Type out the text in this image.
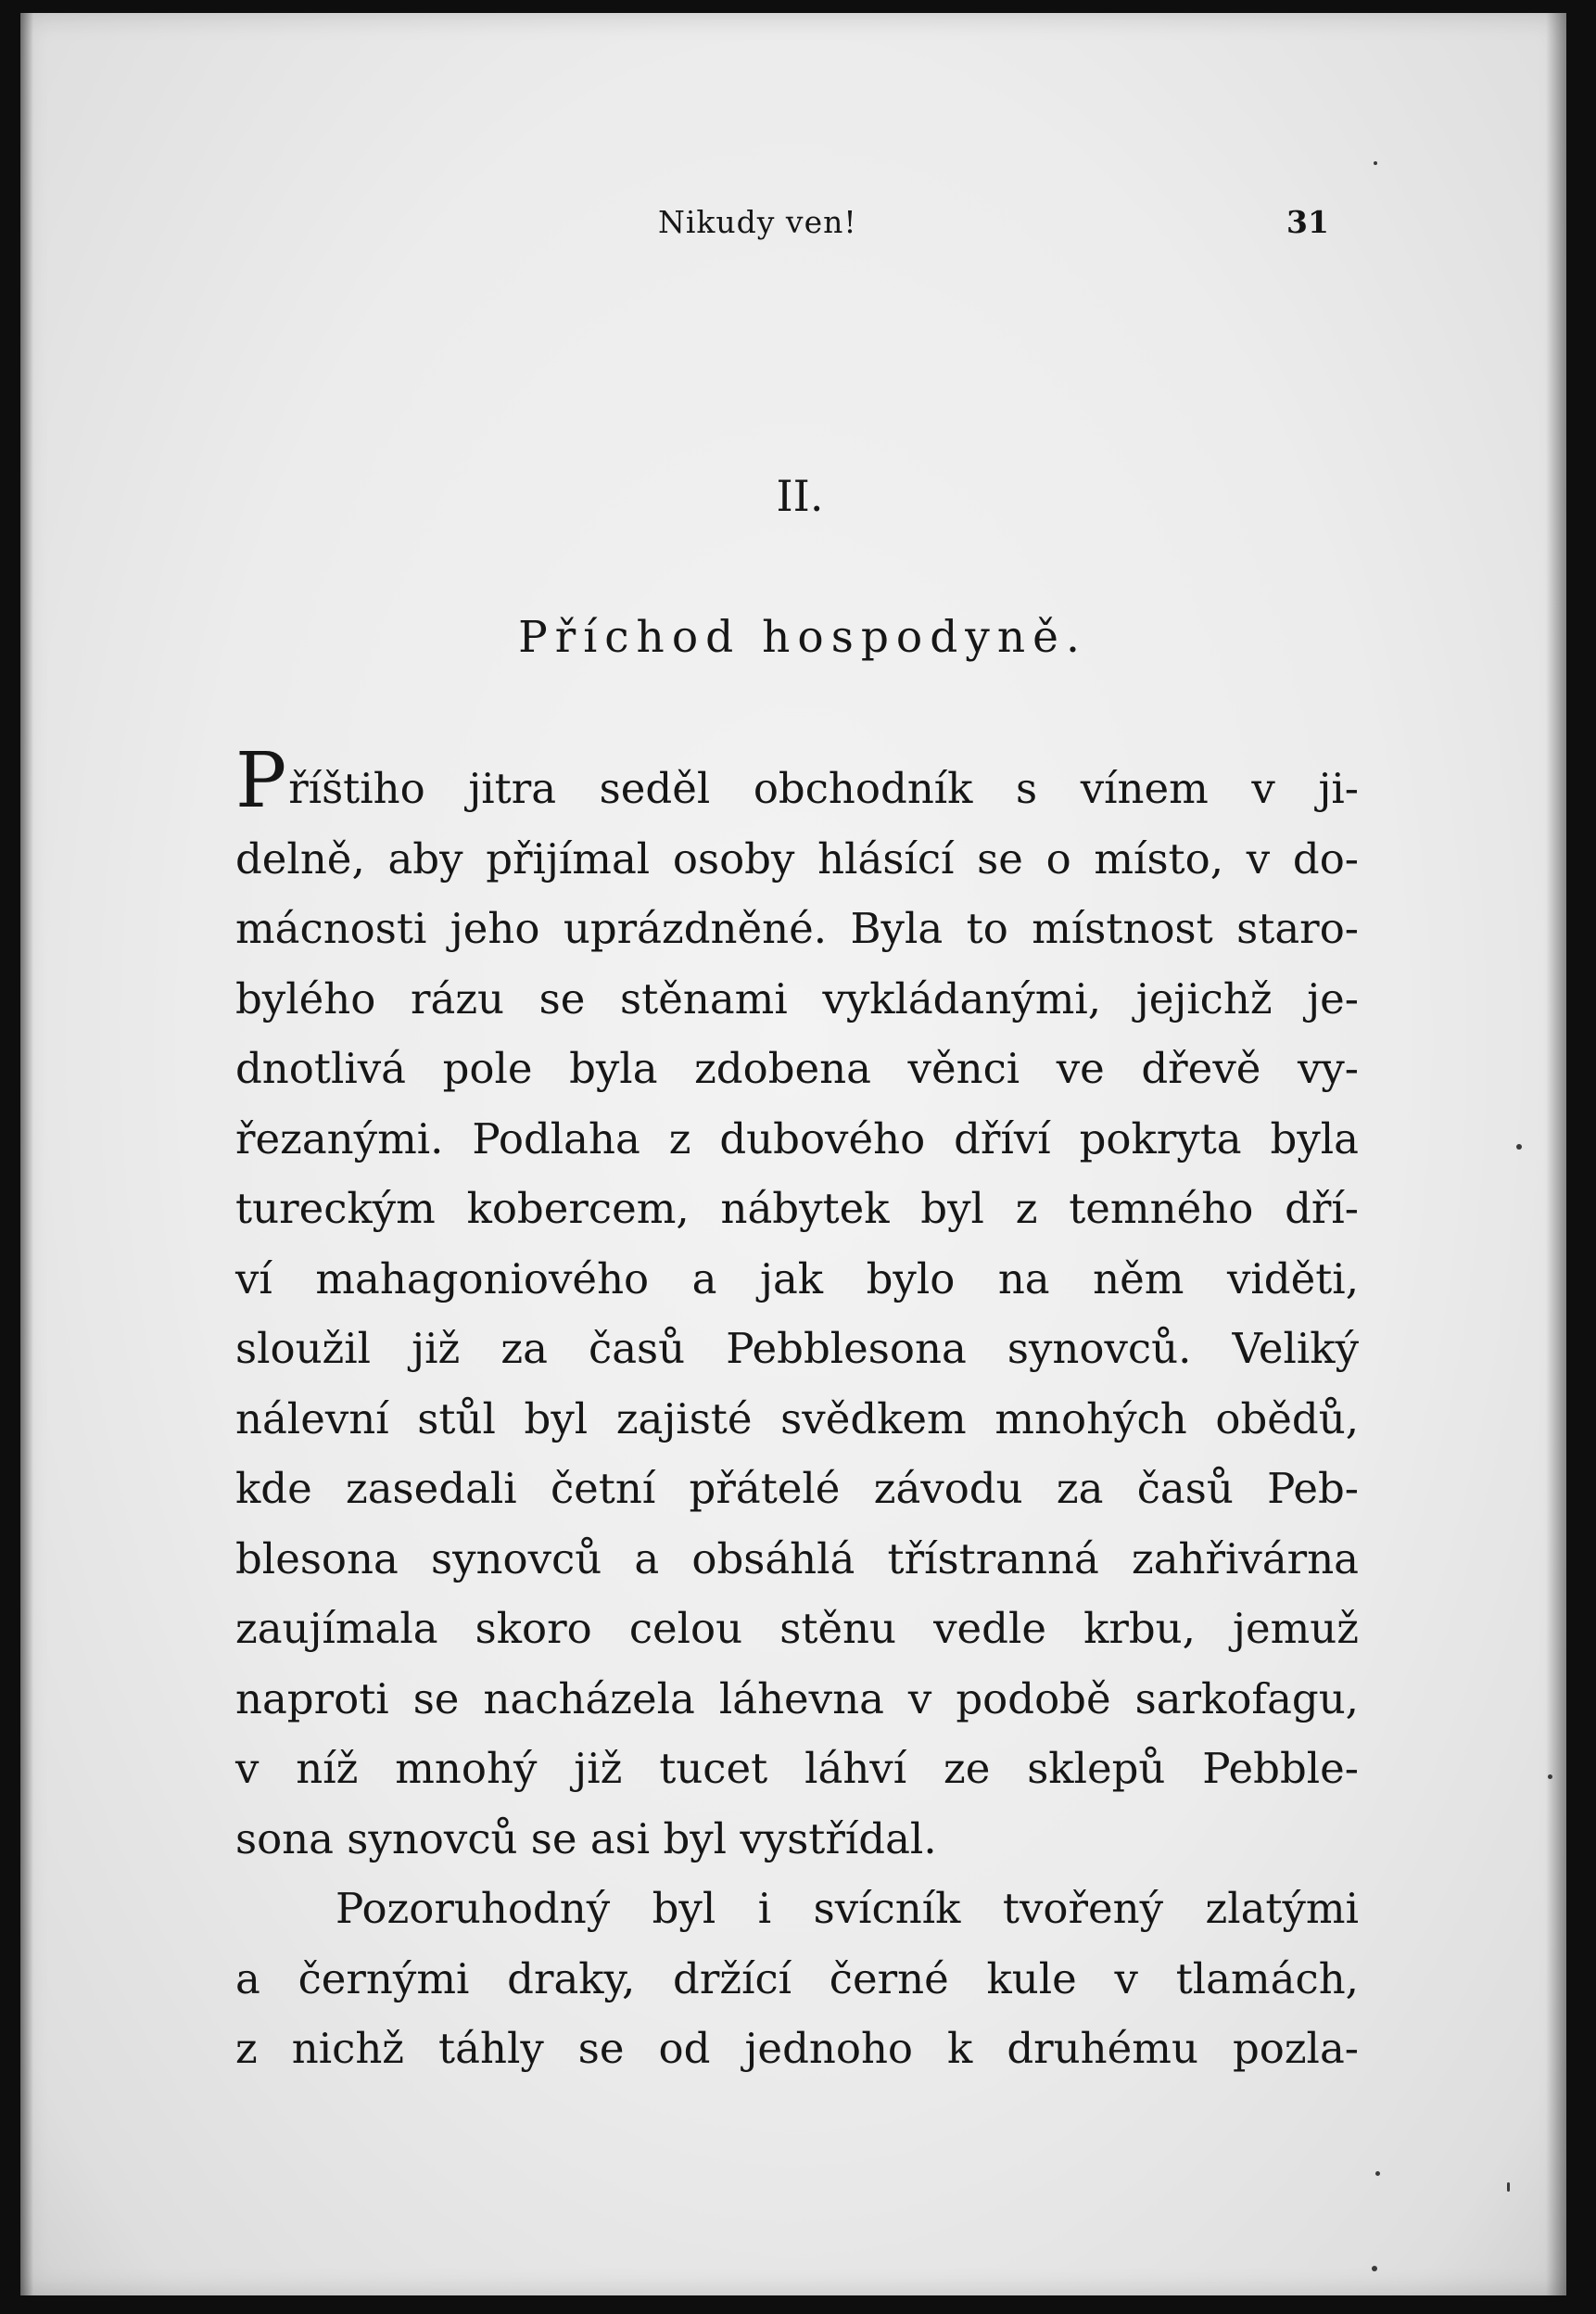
Nikudy ven!	31
II.
Příchod hospodyně.
Příštiho jitra seděl obchodník s vínem v ji-
delně, aby přijímal osoby hlásící se o místo, v do-
mácnosti jeho uprázdněné. Byla to místnost staro-
bylého rázu se stěnami vykládanými, jejichž je-
dnotlivá pole byla zdobena věnci ve dřevě vy-
řezanými. Podlaha z dubového dříví pokryta byla
tureckým kobercem, nábytek byl z temného dří-
ví mahagoniového a jak bylo na něm viděti,
sloužil již za časů Pebblesona synovců. Veliký
nálevní stůl byl zajisté svědkem mnohých obědů,
kde zasedali četní přátelé závodu za časů Peb-
blesona synovců a obsáhlá třístranná zahřivárna
zaujímala skoro celou stěnu vedle krbu, jemuž
naproti se nacházela láhevna v podobě sarkofagu,
v níž mnohý již tucet láhví ze sklepů Pebble-
sona synovců se asi byl vystřídal.
Pozoruhodný byl i svícník tvořený zlatými
a černými draky, držící černé kule v tlamách,
z nichž táhly se od jednoho k druhému pozla-
